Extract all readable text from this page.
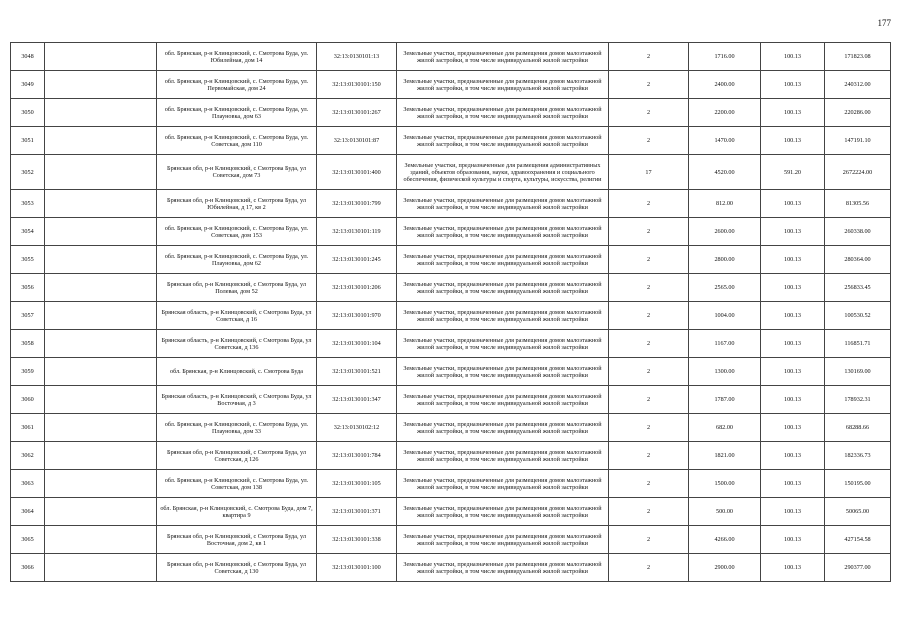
177
3048		обл. Брянская, р-н Клинцовский, с. Смотрова Буда, ул. Юбилейная, дом 14	32:13:0130101:13	Земельные участки, предназначенные для размещения домов малоэтажной жилой застройки, в том числе индивидуальной жилой застройки	2	1716.00	100.13	171823.08
3049		обл. Брянская, р-н Клинцовский, с. Смотрова Буда, ул. Первомайская, дом 24	32:13:0130101:150	Земельные участки, предназначенные для размещения домов малоэтажной жилой застройки, в том числе индивидуальной жилой застройки	2	2400.00	100.13	240312.00
3050		обл. Брянская, р-н Клинцовский, с. Смотрова Буда, ул. Плауновка, дом 63	32:13:0130101:267	Земельные участки, предназначенные для размещения домов малоэтажной жилой застройки, в том числе индивидуальной жилой застройки	2	2200.00	100.13	220286.00
3051		обл. Брянская, р-н Клинцовский, с. Смотрова Буда, ул. Советская, дом 110	32:13:0130101:87	Земельные участки, предназначенные для размещения домов малоэтажной жилой застройки, в том числе индивидуальной жилой застройки	2	1470.00	100.13	147191.10
3052		Брянская обл, р-н Клинцовский, с Смотрова Буда, ул Советская, дом 73	32:13:0130101:400	Земельные участки, предназначенные для размещения административных зданий, объектов образования, науки, здравоохранения и социального обеспечения, физической культуры и спорта, культуры, искусства, религии	17	4520.00	591.20	2672224.00
3053		Брянская обл, р-н Клинцовский, с Смотрова Буда, ул Юбилейная, д 17, кв 2	32:13:0130101:799	Земельные участки, предназначенные для размещения домов малоэтажной жилой застройки, в том числе индивидуальной жилой застройки	2	812.00	100.13	81305.56
3054		обл. Брянская, р-н Клинцовский, с. Смотрова Буда, ул. Советская, дом 153	32:13:0130101:119	Земельные участки, предназначенные для размещения домов малоэтажной жилой застройки, в том числе индивидуальной жилой застройки	2	2600.00	100.13	260338.00
3055		обл. Брянская, р-н Клинцовский, с. Смотрова Буда, ул. Плауновка, дом 62	32:13:0130101:245	Земельные участки, предназначенные для размещения домов малоэтажной жилой застройки, в том числе индивидуальной жилой застройки	2	2800.00	100.13	280364.00
3056		Брянская обл, р-н Клинцовский, с Смотрова Буда, ул Полевая, дом 52	32:13:0130101:206	Земельные участки, предназначенные для размещения домов малоэтажной жилой застройки, в том числе индивидуальной жилой застройки	2	2565.00	100.13	256833.45
3057		Брянская область, р-н Клинцовский, с Смотрова Буда, ул Советская, д 16	32:13:0130101:970	Земельные участки, предназначенные для размещения домов малоэтажной жилой застройки, в том числе индивидуальной жилой застройки	2	1004.00	100.13	100530.52
3058		Брянская область, р-н Клинцовский, с Смотрова Буда, ул Советская, д 136	32:13:0130101:104	Земельные участки, предназначенные для размещения домов малоэтажной жилой застройки, в том числе индивидуальной жилой застройки	2	1167.00	100.13	116851.71
3059		обл. Брянская, р-н Клинцовский, с. Смотрова Буда	32:13:0130101:521	Земельные участки, предназначенные для размещения домов малоэтажной жилой застройки, в том числе индивидуальной жилой застройки	2	1300.00	100.13	130169.00
3060		Брянская область, р-н Клинцовский, с Смотрова Буда, ул Восточная, д 3	32:13:0130101:347	Земельные участки, предназначенные для размещения домов малоэтажной жилой застройки, в том числе индивидуальной жилой застройки	2	1787.00	100.13	178932.31
3061		обл. Брянская, р-н Клинцовский, с. Смотрова Буда, ул. Плауновка, дом 33	32:13:0130102:12	Земельные участки, предназначенные для размещения домов малоэтажной жилой застройки, в том числе индивидуальной жилой застройки	2	682.00	100.13	68288.66
3062		Брянская обл, р-н Клинцовский, с Смотрова Буда, ул Советская, д 126	32:13:0130101:784	Земельные участки, предназначенные для размещения домов малоэтажной жилой застройки, в том числе индивидуальной жилой застройки	2	1821.00	100.13	182336.73
3063		обл. Брянская, р-н Клинцовский, с. Смотрова Буда, ул. Советская, дом 138	32:13:0130101:105	Земельные участки, предназначенные для размещения домов малоэтажной жилой застройки, в том числе индивидуальной жилой застройки	2	1500.00	100.13	150195.00
3064		обл. Брянская, р-н Клинцовский, с. Смотрова Буда, дом 7, квартира 9	32:13:0130101:371	Земельные участки, предназначенные для размещения домов малоэтажной жилой застройки, в том числе индивидуальной жилой застройки	2	500.00	100.13	50065.00
3065		Брянская обл, р-н Клинцовский, с Смотрова Буда, ул Восточная, дом 2, кв 1	32:13:0130101:338	Земельные участки, предназначенные для размещения домов малоэтажной жилой застройки, в том числе индивидуальной жилой застройки	2	4266.00	100.13	427154.58
3066		Брянская обл, р-н Клинцовский, с Смотрова Буда, ул Советская, д 130	32:13:0130101:100	Земельные участки, предназначенные для размещения домов малоэтажной жилой застройки, в том числе индивидуальной жилой застройки	2	2900.00	100.13	290377.00
